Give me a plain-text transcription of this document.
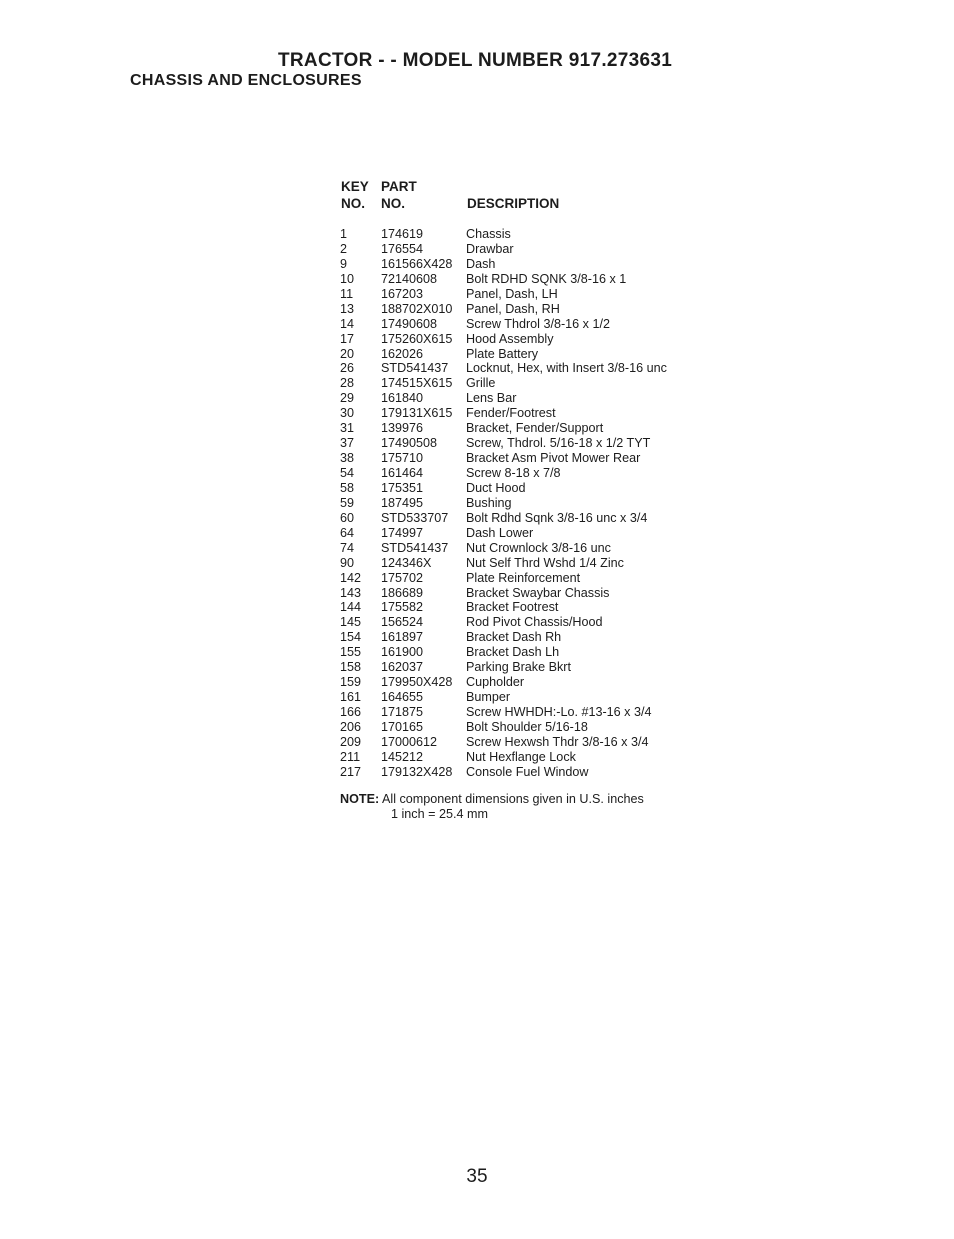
TRACTOR - - MODEL NUMBER 917.273631
CHASSIS AND ENCLOSURES
KEY
NO.
PART
NO.	DESCRIPTION
1	174619	Chassis
2	176554	Drawbar
9	161566X428 Dash
10 72140608 Bolt RDHD SQNK 3/8-16 x 1
11 167203	Panel, Dash, LH
13 188702X010 Panel, Dash, RH
14 17490608 Screw Thdrol 3/8-16 x 1/2
17 175260X615 Hood Assembly
20 162026	Plate Battery
26 STD541437 Locknut, Hex, with Insert 3/8-16 unc
28 174515X615 Grille
29 161840	Lens Bar
30 179131X615 Fender/Footrest
31 139976	Bracket, Fender/Support
37 17490508 Screw, Thdrol. 5/16-18 x 1/2 TYT
38 175710	Bracket Asm Pivot Mower Rear
54 161464	Screw 8-18 x 7/8
58 175351	Duct Hood
59 187495	Bushing
60 STD533707 Bolt Rdhd Sqnk 3/8-16 unc x 3/4
64 174997	Dash Lower
74 STD541437 Nut Crownlock 3/8-16 unc
90 124346X	Nut Self Thrd Wshd 1/4 Zinc
142 175702	Plate Reinforcement
143 186689	Bracket Swaybar Chassis
144 175582	Bracket Footrest
145 156524	Rod Pivot Chassis/Hood
154 161897	Bracket Dash Rh
155 161900	Bracket Dash Lh
158 162037	Parking Brake Bkrt
159 179950X428 Cupholder
161 164655	Bumper
166 171875	Screw HWHDH:-Lo. #13-16 x 3/4
206 170165	Bolt Shoulder 5/16-18
209 17000612 Screw Hexwsh Thdr 3/8-16 x 3/4
211 145212	Nut Hexflange Lock
217 179132X428 Console Fuel Window
NOTE: All component dimensions given in U.S. inches
1 inch = 25.4 mm
35
